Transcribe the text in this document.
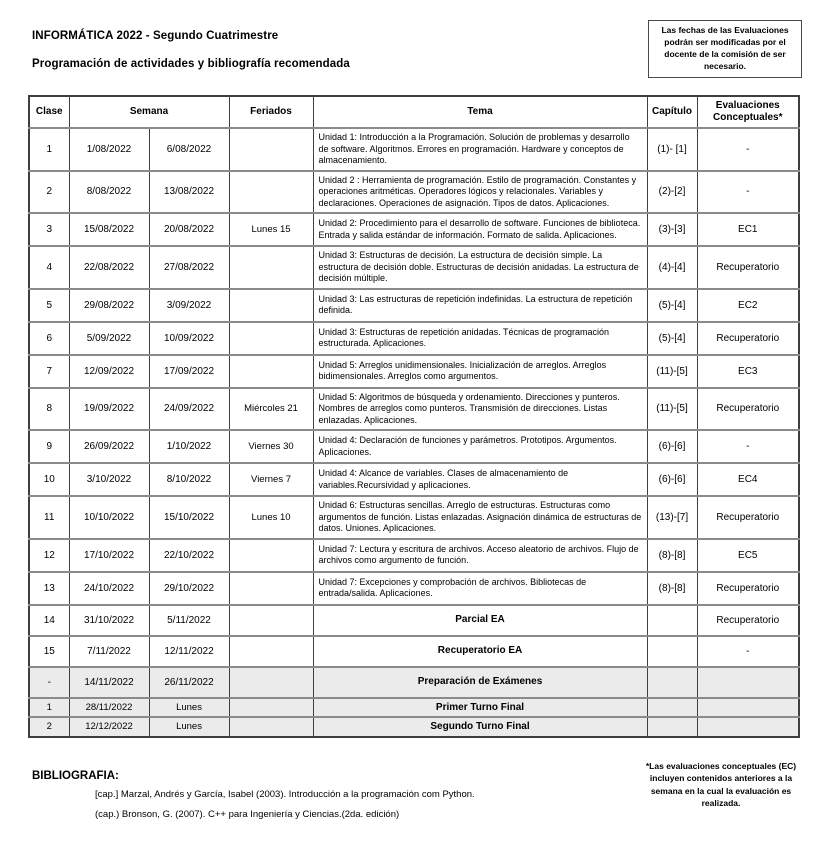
INFORMÁTICA 2022 - Segundo Cuatrimestre
Programación de actividades y bibliografía recomendada
Las fechas de las Evaluaciones podrán ser modificadas por el docente de la comisión de ser necesario.
Clase	Semana		Feriados	Tema	Capítulo	Evaluaciones Conceptuales*
1	1/08/2022	6/08/2022		Unidad 1: Introducción a la Programación. Solución de problemas y desarrollo de software. Algoritmos. Errores en programación. Hardware y conceptos de almacenamiento.	(1)- [1]	-
2	8/08/2022	13/08/2022		Unidad 2 : Herramienta de programación. Estilo de programación. Constantes y operaciones aritméticas. Operadores lógicos y relacionales. Variables y declaraciones. Operaciones de asignación. Tipos de datos. Aplicaciones.	(2)-[2]	-
3	15/08/2022	20/08/2022	Lunes 15	Unidad 2: Procedimiento para el desarrollo de software. Funciones de biblioteca. Entrada y salida estándar de información. Formato de salida. Aplicaciones.	(3)-[3]	EC1
4	22/08/2022	27/08/2022		Unidad 3: Estructuras de decisión. La estructura de decisión simple. La estructura de decisión doble. Estructuras de decisión anidadas. La estructura de decisión múltiple.	(4)-[4]	Recuperatorio
5	29/08/2022	3/09/2022		Unidad 3: Las estructuras de repetición indefinidas. La estructura de repetición definida.	(5)-[4]	EC2
6	5/09/2022	10/09/2022		Unidad 3: Estructuras de repetición anidadas. Técnicas de programación estructurada. Aplicaciones.	(5)-[4]	Recuperatorio
7	12/09/2022	17/09/2022		Unidad 5: Arreglos unidimensionales. Inicialización de arreglos. Arreglos bidimensionales. Arreglos como argumentos.	(11)-[5]	EC3
8	19/09/2022	24/09/2022	Miércoles 21	Unidad 5: Algoritmos de búsqueda y ordenamiento. Direcciones y punteros. Nombres de arreglos como punteros. Transmisión de direcciones. Listas enlazadas. Aplicaciones.	(11)-[5]	Recuperatorio
9	26/09/2022	1/10/2022	Viernes 30	Unidad 4: Declaración de funciones y parámetros. Prototipos. Argumentos. Aplicaciones.	(6)-[6]	-
10	3/10/2022	8/10/2022	Viernes 7	Unidad 4: Alcance de variables. Clases de almacenamiento de variables.Recursividad y aplicaciones.	(6)-[6]	EC4
11	10/10/2022	15/10/2022	Lunes 10	Unidad 6: Estructuras sencillas. Arreglo de estructuras. Estructuras como argumentos de función. Listas enlazadas. Asignación dinámica de estructuras de datos. Uniones. Aplicaciones.	(13)-[7]	Recuperatorio
12	17/10/2022	22/10/2022		Unidad 7: Lectura y escritura de archivos. Acceso aleatorio de archivos. Flujo de archivos como argumento de función.	(8)-[8]	EC5
13	24/10/2022	29/10/2022		Unidad 7: Excepciones y comprobación de archivos. Bibliotecas de entrada/salida. Aplicaciones.	(8)-[8]	Recuperatorio
14	31/10/2022	5/11/2022		Parcial EA		Recuperatorio
15	7/11/2022	12/11/2022		Recuperatorio EA		-
-	14/11/2022	26/11/2022		Preparación de Exámenes		
1	28/11/2022	Lunes		Primer Turno Final		
2	12/12/2022	Lunes		Segundo Turno Final		
BIBLIOGRAFIA:
[cap.] Marzal, Andrés y García, Isabel (2003). Introducción a la programación com Python.
(cap.) Bronson, G. (2007). C++ para Ingeniería y Ciencias.(2da. edición)
*Las evaluaciones conceptuales (EC) incluyen contenidos anteriores a la semana en la cual la evaluación es realizada.
